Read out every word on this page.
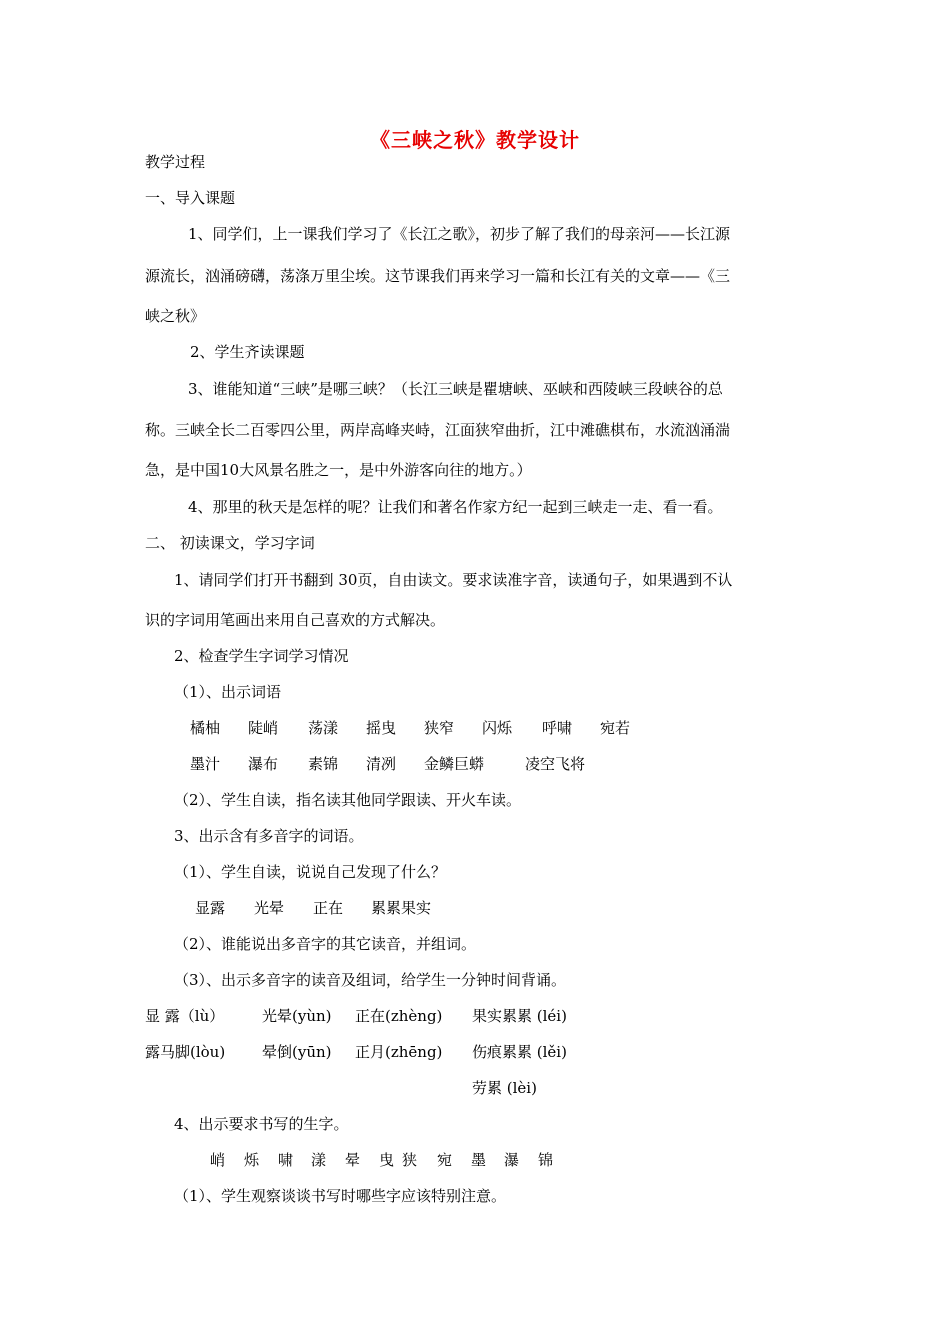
《三峡之秋》教学设计
教学过程
一、导入课题
1、同学们，上一课我们学习了《长江之歌》，初步了解了我们的母亲河——长江源
源流长，汹涌磅礴，荡涤万里尘埃。这节课我们再来学习一篇和长江有关的文章——《三
峡之秋》
2、学生齐读课题
3、谁能知道“三峡”是哪三峡？（长江三峡是瞿塘峡、巫峡和西陵峡三段峡谷的总
称。三峡全长二百零四公里，两岸高峰夹峙，江面狭窄曲折，江中滩礁棋布，水流汹涌湍
急，是中国10大风景名胜之一，是中外游客向往的地方。）
4、那里的秋天是怎样的呢？让我们和著名作家方纪一起到三峡走一走、看一看。
二、 初读课文，学习字词
1、请同学们打开书翻到 30页，自由读文。要求读准字音，读通句子，如果遇到不认
识的字词用笔画出来用自己喜欢的方式解决。
2、检查学生字词学习情况
（1）、出示词语
橘柚 陡峭 荡漾 摇曳 狭窄 闪烁 呼啸 宛若
墨汁 瀑布 素锦 清冽 金鳞巨蟒	凌空飞将
（2）、学生自读，指名读其他同学跟读、开火车读。
3、出示含有多音字的词语。
（1）、学生自读，说说自己发现了什么？
显露 光晕 正在 累累果实
（2）、谁能说出多音字的其它读音，并组词。
（3）、出示多音字的读音及组词，给学生一分钟时间背诵。
显 露（lù）	光晕(yùn) 正在(zhèng) 果实累累 (léi)
露马脚(lòu) 晕倒(yūn) 正月(zhēng) 伤痕累累 (lěi)
劳累 (lèi)
4、出示要求书写的生字。
峭 烁 啸 漾 晕 曳 狭 宛 墨 瀑 锦
（1）、学生观察谈谈书写时哪些字应该特别注意。
